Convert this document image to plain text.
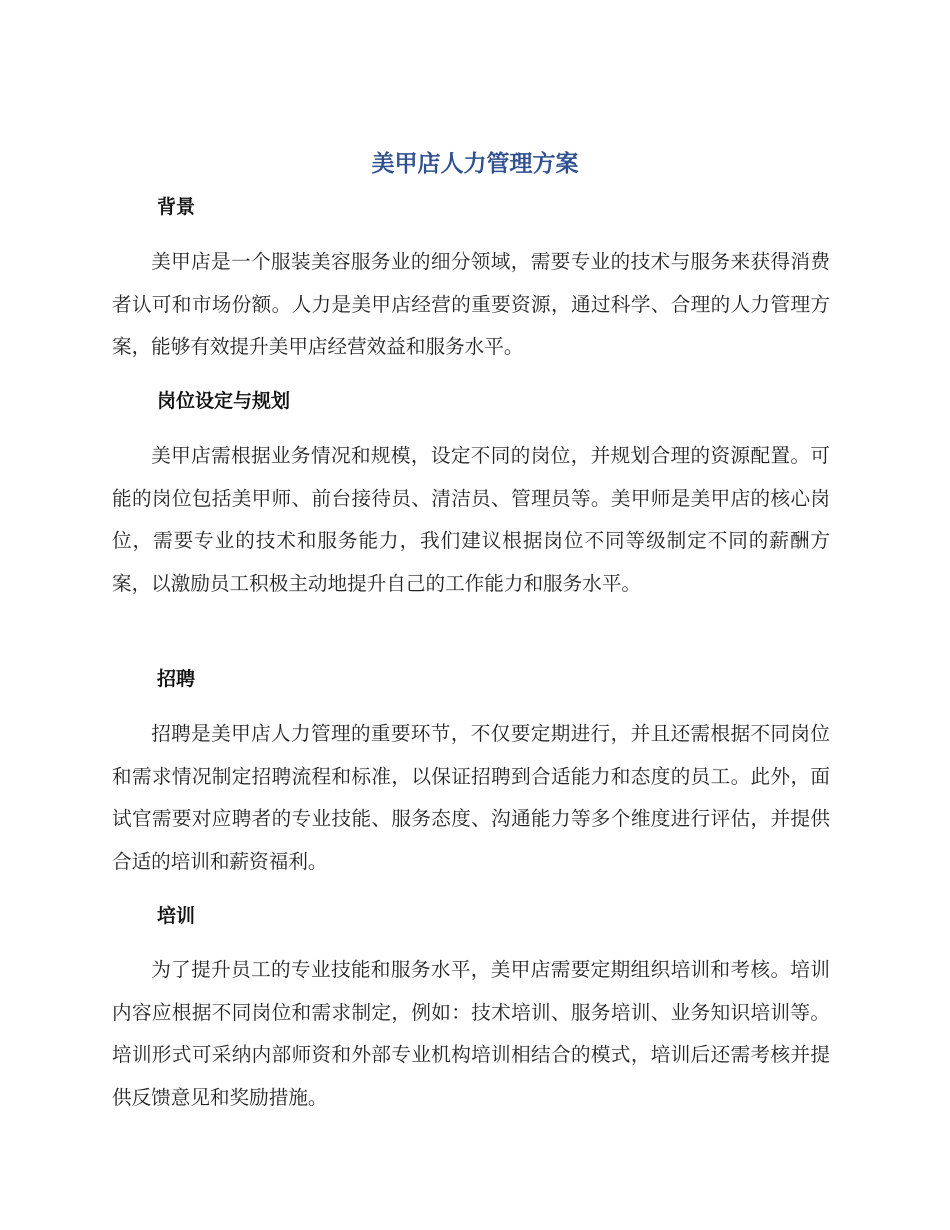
美甲店人力管理方案
背景

美甲店是一个服装美容服务业的细分领域，需要专业的技术与服务来获得消费者认可和市场份额。人力是美甲店经营的重要资源，通过科学、合理的人力管理方案，能够有效提升美甲店经营效益和服务水平。

岗位设定与规划

美甲店需根据业务情况和规模，设定不同的岗位，并规划合理的资源配置。可能的岗位包括美甲师、前台接待员、清洁员、管理员等。美甲师是美甲店的核心岗位，需要专业的技术和服务能力，我们建议根据岗位不同等级制定不同的薪酬方案，以激励员工积极主动地提升自己的工作能力和服务水平。

招聘

招聘是美甲店人力管理的重要环节，不仅要定期进行，并且还需根据不同岗位和需求情况制定招聘流程和标准，以保证招聘到合适能力和态度的员工。此外，面试官需要对应聘者的专业技能、服务态度、沟通能力等多个维度进行评估，并提供合适的培训和薪资福利。

培训

为了提升员工的专业技能和服务水平，美甲店需要定期组织培训和考核。培训内容应根据不同岗位和需求制定，例如：技术培训、服务培训、业务知识培训等。培训形式可采纳内部师资和外部专业机构培训相结合的模式，培训后还需考核并提供反馈意见和奖励措施。
